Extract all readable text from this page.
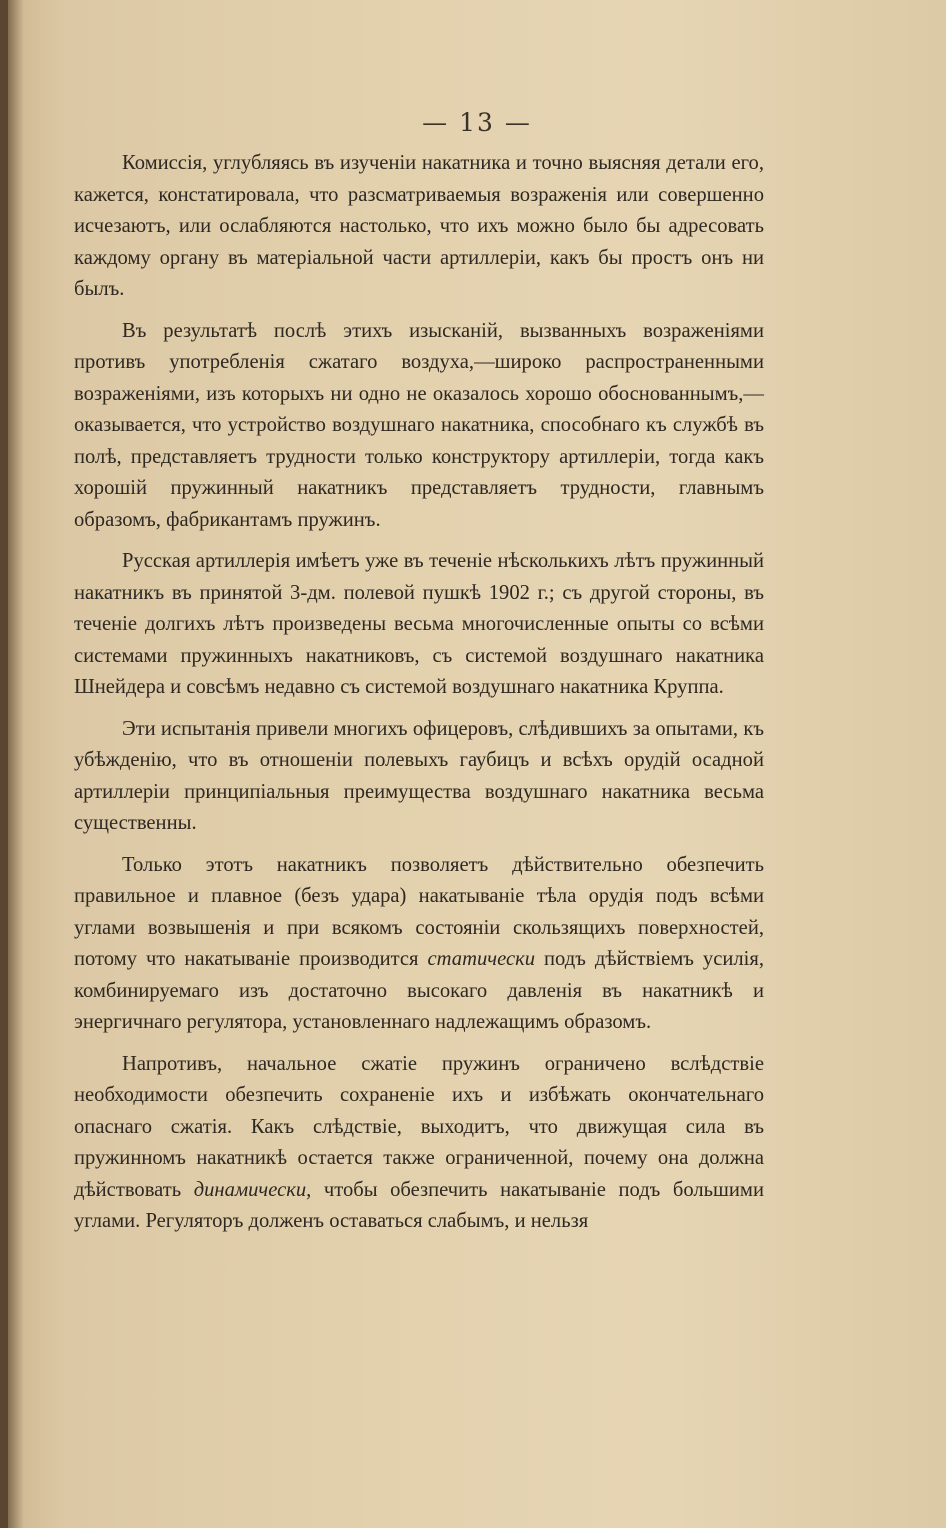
— 13 —

Комиссія, углубляясь въ изученіи накатника и точно выясняя детали его, кажется, констатировала, что разсматриваемыя возраженія или совершенно исчезаютъ, или ослабляются настолько, что ихъ можно было бы адресовать каждому органу въ матеріальной части артиллеріи, какъ бы простъ онъ ни былъ.

Въ результатѣ послѣ этихъ изысканій, вызванныхъ возраженіями противъ употребленія сжатаго воздуха,—широко распространенными возраженіями, изъ которыхъ ни одно не оказалось хорошо обоснованнымъ,—оказывается, что устройство воздушнаго накатника, способнаго къ службѣ въ полѣ, представляетъ трудности только конструктору артиллеріи, тогда какъ хорошій пружинный накатникъ представляетъ трудности, главнымъ образомъ, фабрикантамъ пружинъ.

Русская артиллерія имѣетъ уже въ теченіе нѣсколькихъ лѣтъ пружинный накатникъ въ принятой 3-дм. полевой пушкѣ 1902 г.; съ другой стороны, въ теченіе долгихъ лѣтъ произведены весьма многочисленные опыты со всѣми системами пружинныхъ накатниковъ, съ системой воздушнаго накатника Шнейдера и совсѣмъ недавно съ системой воздушнаго накатника Круппа.

Эти испытанія привели многихъ офицеровъ, слѣдившихъ за опытами, къ убѣжденію, что въ отношеніи полевыхъ гаубицъ и всѣхъ орудій осадной артиллеріи принципіальныя преимущества воздушнаго накатника весьма существенны.

Только этотъ накатникъ позволяетъ дѣйствительно обезпечить правильное и плавное (безъ удара) накатываніе тѣла орудія подъ всѣми углами возвышенія и при всякомъ состояніи скользящихъ поверхностей, потому что накатываніе производится статически подъ дѣйствіемъ усилія, комбинируемаго изъ достаточно высокаго давленія въ накатникѣ и энергичнаго регулятора, установленнаго надлежащимъ образомъ.

Напротивъ, начальное сжатіе пружинъ ограничено вслѣдствіе необходимости обезпечить сохраненіе ихъ и избѣжать окончательнаго опаснаго сжатія. Какъ слѣдствіе, выходитъ, что движущая сила въ пружинномъ накатникѣ остается также ограниченной, почему она должна дѣйствовать динамически, чтобы обезпечить накатываніе подъ большими углами. Регуляторъ долженъ оставаться слабымъ, и нельзя
